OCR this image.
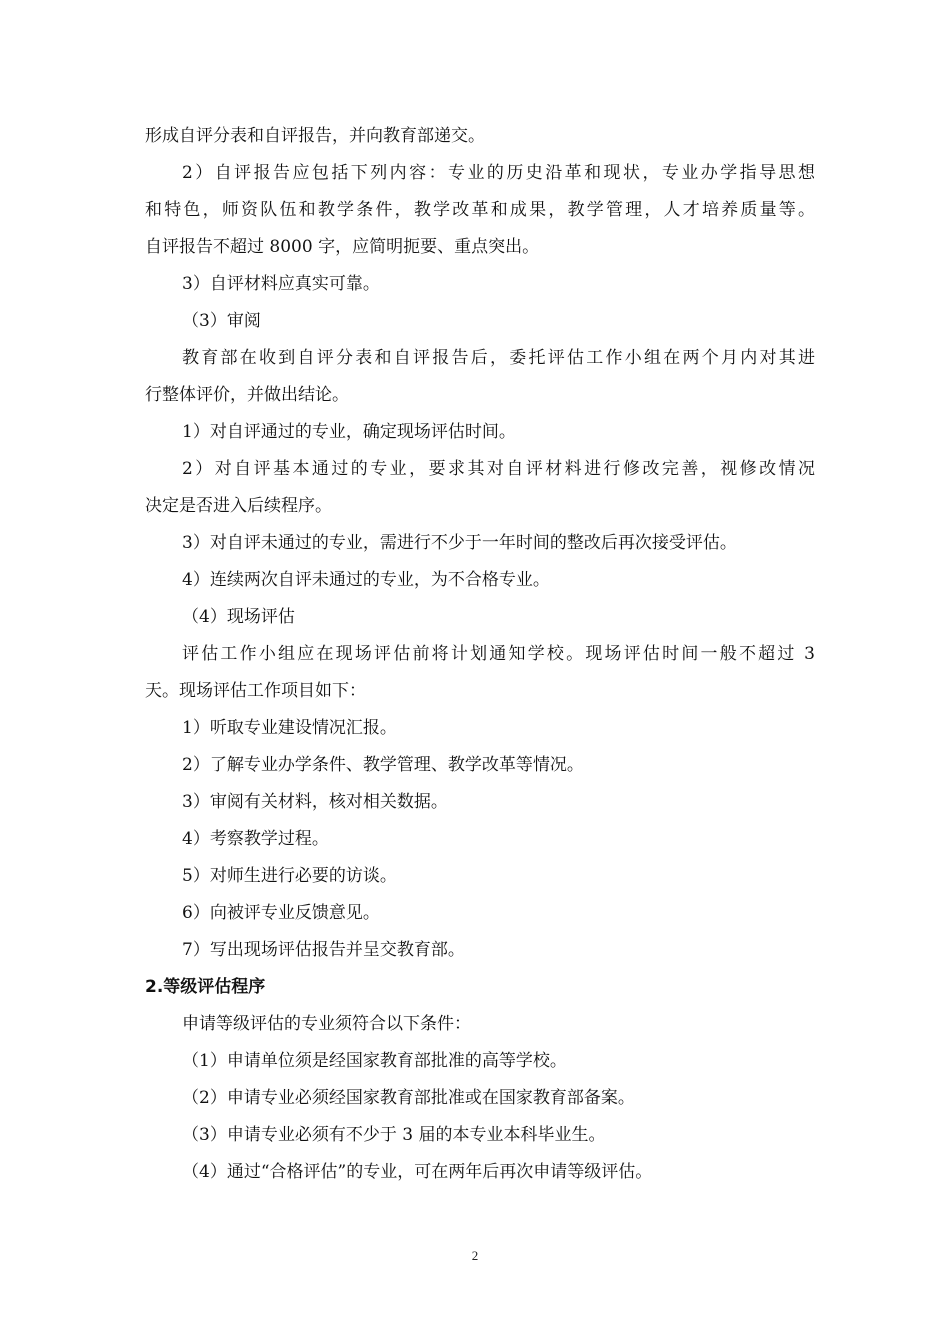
形成自评分表和自评报告，并向教育部递交。
2）自评报告应包括下列内容：专业的历史沿革和现状，专业办学指导思想
和特色，师资队伍和教学条件，教学改革和成果，教学管理，人才培养质量等。
自评报告不超过 8000 字，应简明扼要、重点突出。
3）自评材料应真实可靠。
（3）审阅
教育部在收到自评分表和自评报告后，委托评估工作小组在两个月内对其进
行整体评价，并做出结论。
1）对自评通过的专业，确定现场评估时间。
2）对自评基本通过的专业，要求其对自评材料进行修改完善，视修改情况
决定是否进入后续程序。
3）对自评未通过的专业，需进行不少于一年时间的整改后再次接受评估。
4）连续两次自评未通过的专业，为不合格专业。
（4）现场评估
评估工作小组应在现场评估前将计划通知学校。现场评估时间一般不超过 3
天。现场评估工作项目如下：
1）听取专业建设情况汇报。
2）了解专业办学条件、教学管理、教学改革等情况。
3）审阅有关材料，核对相关数据。
4）考察教学过程。
5）对师生进行必要的访谈。
6）向被评专业反馈意见。
7）写出现场评估报告并呈交教育部。
2.等级评估程序
申请等级评估的专业须符合以下条件：
（1）申请单位须是经国家教育部批准的高等学校。
（2）申请专业必须经国家教育部批准或在国家教育部备案。
（3）申请专业必须有不少于 3 届的本专业本科毕业生。
（4）通过“合格评估”的专业，可在两年后再次申请等级评估。
2
